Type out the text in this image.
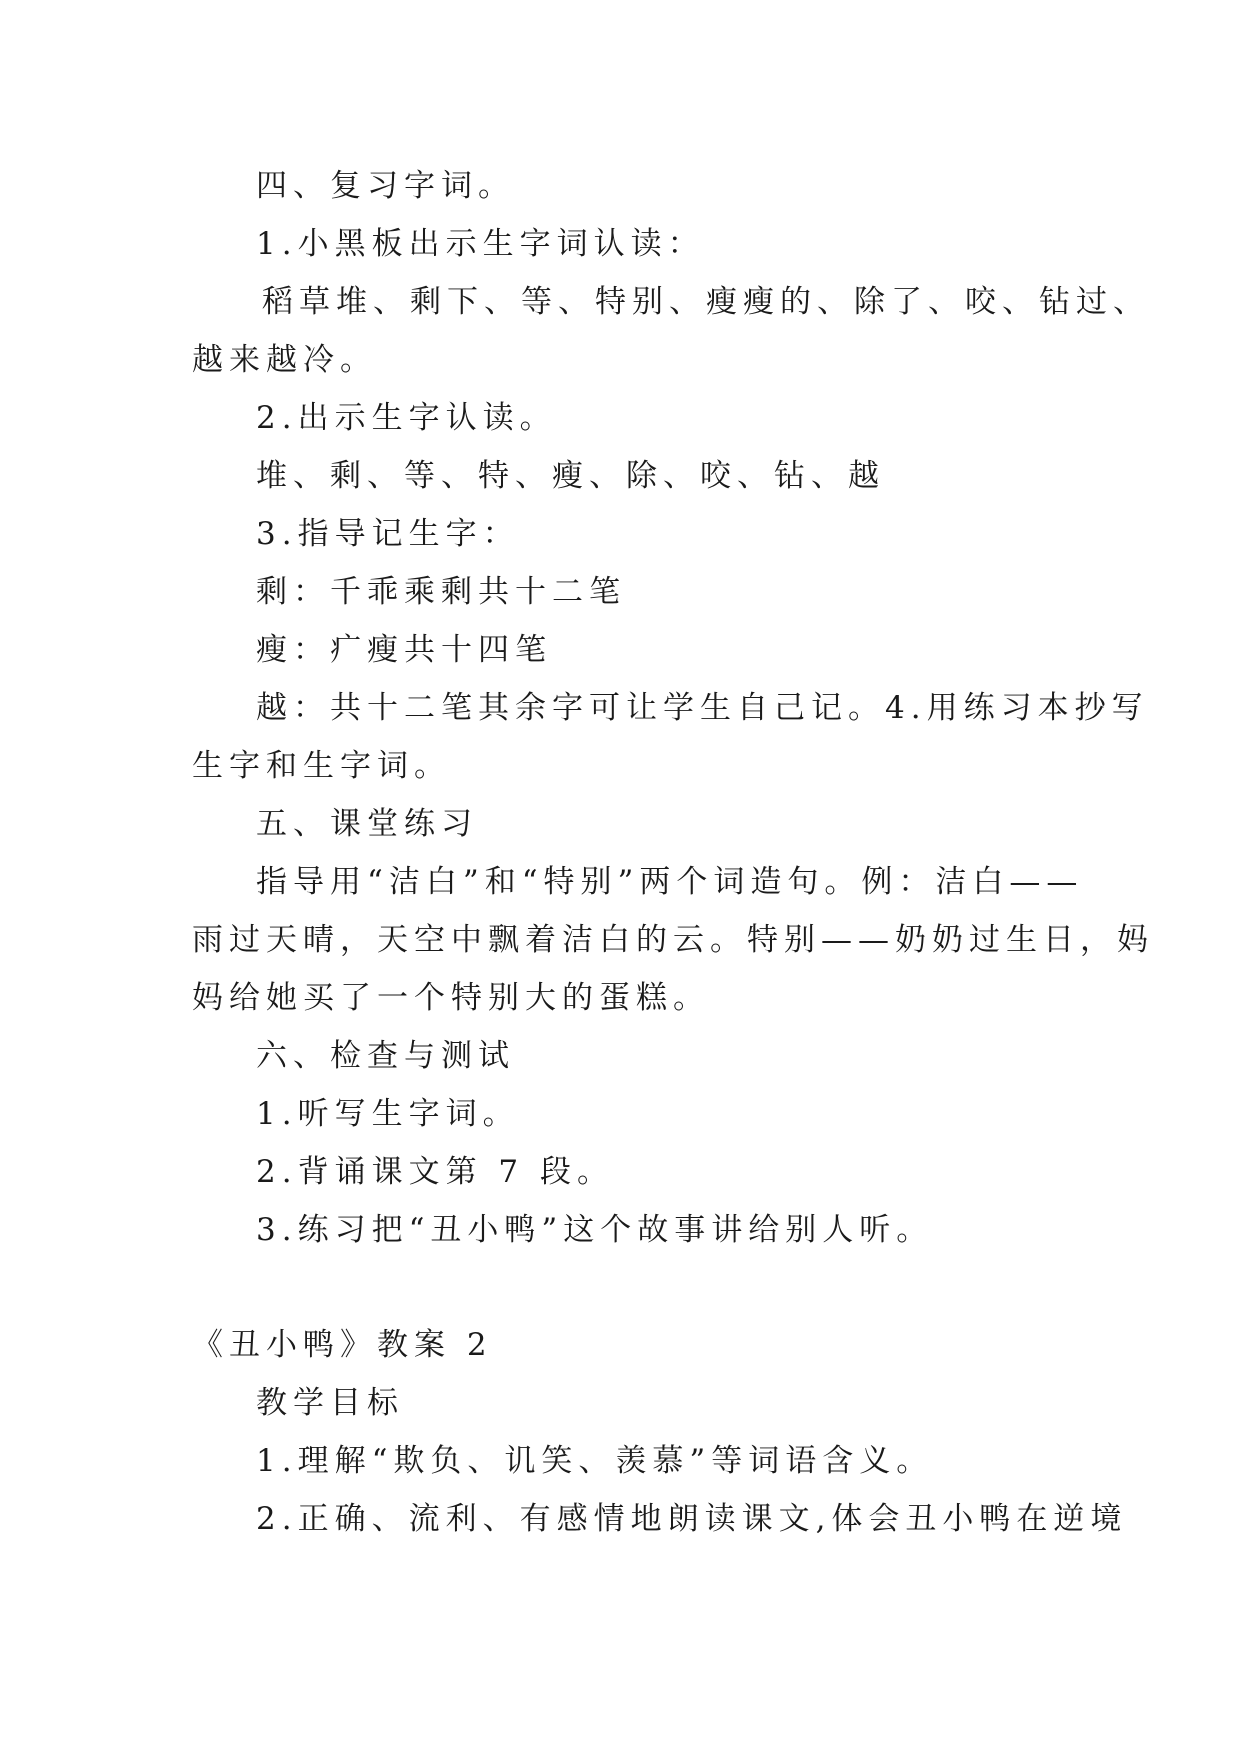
四、复习字词。
1.小黑板出示生字词认读：
稻草堆、剩下、等、特别、瘦瘦的、除了、咬、钻过、
越来越冷。
2.出示生字认读。
堆、剩、等、特、瘦、除、咬、钻、越
3.指导记生字：
剩：千乖乘剩共十二笔
瘦：疒瘦共十四笔
越：共十二笔其余字可让学生自己记。4.用练习本抄写
生字和生字词。
五、课堂练习
指导用“洁白”和“特别”两个词造句。例：洁白——
雨过天晴，天空中飘着洁白的云。特别——奶奶过生日，妈
妈给她买了一个特别大的蛋糕。
六、检查与测试
1.听写生字词。
2.背诵课文第 7 段。
3.练习把“丑小鸭”这个故事讲给别人听。
《丑小鸭》教案 2
教学目标
1.理解“欺负、讥笑、羡慕”等词语含义。
2.正确、流利、有感情地朗读课文,体会丑小鸭在逆境
